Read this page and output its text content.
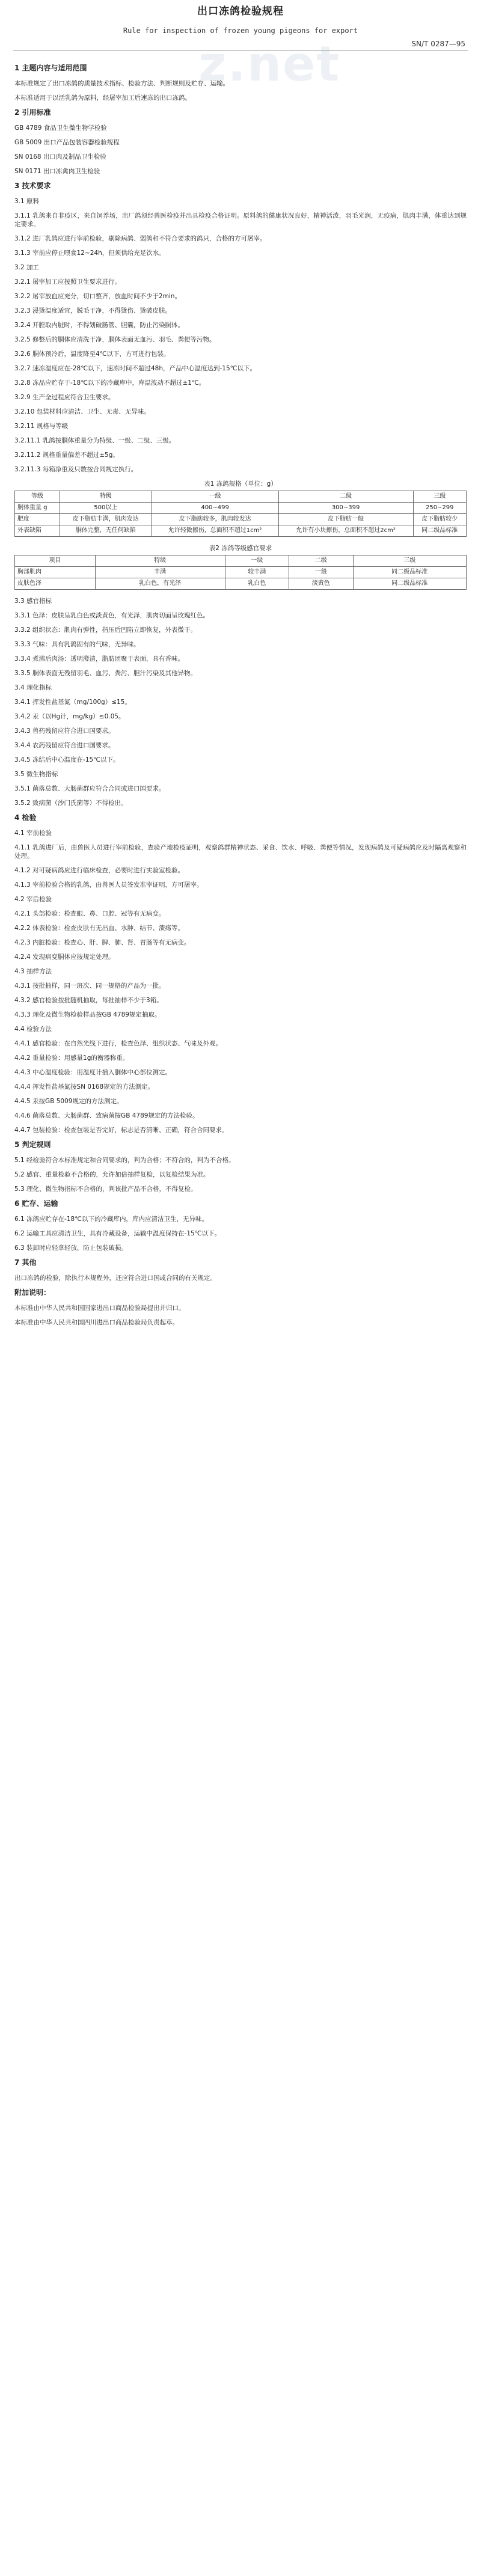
z.net
出口冻鸽检验规程
Rule for inspection of frozen young pigeons for export
SN/T 0287—95

1 主题内容与适用范围

本标准规定了出口冻鸽的质量技术指标、检验方法、判断规则及贮存、运输。

本标准适用于以活乳鸽为原料，经屠宰加工后速冻的出口冻鸽。

2 引用标准

GB 4789 食品卫生微生物学检验

GB 5009 出口产品包装容器检验规程

SN 0168 出口肉及制品卫生检验

SN 0171 出口冻禽肉卫生检验

3 技术要求

3.1 原料

3.1.1 乳鸽来自非疫区，来自饲养场，出厂鸽须经兽医检疫并出具检疫合格证明。原料鸽的健康状况良好，精神活泼，羽毛光润，无疫病，肌肉丰满，体重达到规定要求。

3.1.2 进厂乳鸽应进行宰前检验，剔除病鸽、弱鸽和不符合要求的鸽只，合格的方可屠宰。

3.1.3 宰前应停止喂食12~24h，但须供给充足饮水。

3.2 加工

3.2.1 屠宰加工应按照卫生要求进行。

3.2.2 屠宰放血应充分，切口整齐，放血时间不少于2min。

3.2.3 浸烫温度适宜，脱毛干净，不得烫伤、烫破皮肤。

3.2.4 开膛取内脏时，不得划破肠管、胆囊，防止污染胴体。

3.2.5 修整后的胴体应清洗干净，胴体表面无血污、羽毛、粪便等污物。

3.2.6 胴体预冷后，温度降至4℃以下，方可进行包装。

3.2.7 速冻温度应在-28℃以下，速冻时间不超过48h，产品中心温度达到-15℃以下。

3.2.8 冻品应贮存于-18℃以下的冷藏库中，库温波动不超过±1℃。

3.2.9 生产全过程应符合卫生要求。

3.2.10 包装材料应清洁、卫生、无毒、无异味。

3.2.11 规格与等级

3.2.11.1 乳鸽按胴体重量分为特级、一级、二级、三级。

3.2.11.2 规格重量偏差不超过±5g。

3.2.11.3 每箱净重及只数按合同规定执行。

表1 冻鸽规格（单位：g）
等级	特级	一级	二级	三级
胴体重量 g	500以上	400~499	300~399	250~299
肥度	皮下脂肪丰满，肌肉发达	皮下脂肪较多，肌肉较发达	皮下脂肪一般	皮下脂肪较少
外表缺陷	胴体完整，无任何缺陷	允许轻微擦伤，总面积不超过1cm²	允许有小块擦伤，总面积不超过2cm²	同二级品标准
表2 冻鸽等级感官要求
项目	特级	一级	二级	三级
胸部肌肉	丰满	较丰满	一般	同二级品标准
皮肤色泽	乳白色，有光泽	乳白色	淡黄色	同二级品标准

3.3 感官指标

3.3.1 色泽：皮肤呈乳白色或淡黄色，有光泽，肌肉切面呈玫瑰红色。

3.3.2 组织状态：肌肉有弹性，指压后凹陷立即恢复，外表微干。

3.3.3 气味：具有乳鸽固有的气味，无异味。

3.3.4 煮沸后肉汤：透明澄清，脂肪团聚于表面，具有香味。

3.3.5 胴体表面无残留羽毛、血污、粪污、胆汁污染及其他异物。

3.4 理化指标

3.4.1 挥发性盐基氮（mg/100g）≤15。

3.4.2 汞（以Hg计，mg/kg）≤0.05。

3.4.3 兽药残留应符合进口国要求。

3.4.4 农药残留应符合进口国要求。

3.4.5 冻结后中心温度在-15℃以下。

3.5 微生物指标

3.5.1 菌落总数、大肠菌群应符合合同或进口国要求。

3.5.2 致病菌（沙门氏菌等）不得检出。

4 检验

4.1 宰前检验

4.1.1 乳鸽进厂后，由兽医人员进行宰前检验，查验产地检疫证明，观察鸽群精神状态、采食、饮水、呼吸、粪便等情况，发现病鸽及可疑病鸽应及时隔离观察和处理。

4.1.2 对可疑病鸽应进行临床检查，必要时进行实验室检验。

4.1.3 宰前检验合格的乳鸽，由兽医人员签发准宰证明，方可屠宰。

4.2 宰后检验

4.2.1 头部检验：检查眼、鼻、口腔、冠等有无病变。

4.2.2 体表检验：检查皮肤有无出血、水肿、结节、溃疡等。

4.2.3 内脏检验：检查心、肝、脾、肺、肾、胃肠等有无病变。

4.2.4 发现病变胴体应按规定处理。

4.3 抽样方法

4.3.1 按批抽样，同一班次、同一规格的产品为一批。

4.3.2 感官检验按批随机抽取，每批抽样不少于3箱。

4.3.3 理化及微生物检验样品按GB 4789规定抽取。

4.4 检验方法

4.4.1 感官检验：在自然光线下进行，检查色泽、组织状态、气味及外观。

4.4.2 重量检验：用感量1g的衡器称重。

4.4.3 中心温度检验：用温度计插入胴体中心部位测定。

4.4.4 挥发性盐基氮按SN 0168规定的方法测定。

4.4.5 汞按GB 5009规定的方法测定。

4.4.6 菌落总数、大肠菌群、致病菌按GB 4789规定的方法检验。

4.4.7 包装检验：检查包装是否完好，标志是否清晰、正确，符合合同要求。

5 判定规则

5.1 经检验符合本标准规定和合同要求的，判为合格；不符合的，判为不合格。

5.2 感官、重量检验不合格的，允许加倍抽样复检，以复检结果为准。

5.3 理化、微生物指标不合格的，判该批产品不合格，不得复检。

6 贮存、运输

6.1 冻鸽应贮存在-18℃以下的冷藏库内，库内应清洁卫生，无异味。

6.2 运输工具应清洁卫生，具有冷藏设备，运输中温度保持在-15℃以下。

6.3 装卸时应轻拿轻放，防止包装破损。

7 其他

出口冻鸽的检验，除执行本规程外，还应符合进口国或合同的有关规定。

附加说明：

本标准由中华人民共和国国家进出口商品检验局提出并归口。

本标准由中华人民共和国四川进出口商品检验局负责起草。
